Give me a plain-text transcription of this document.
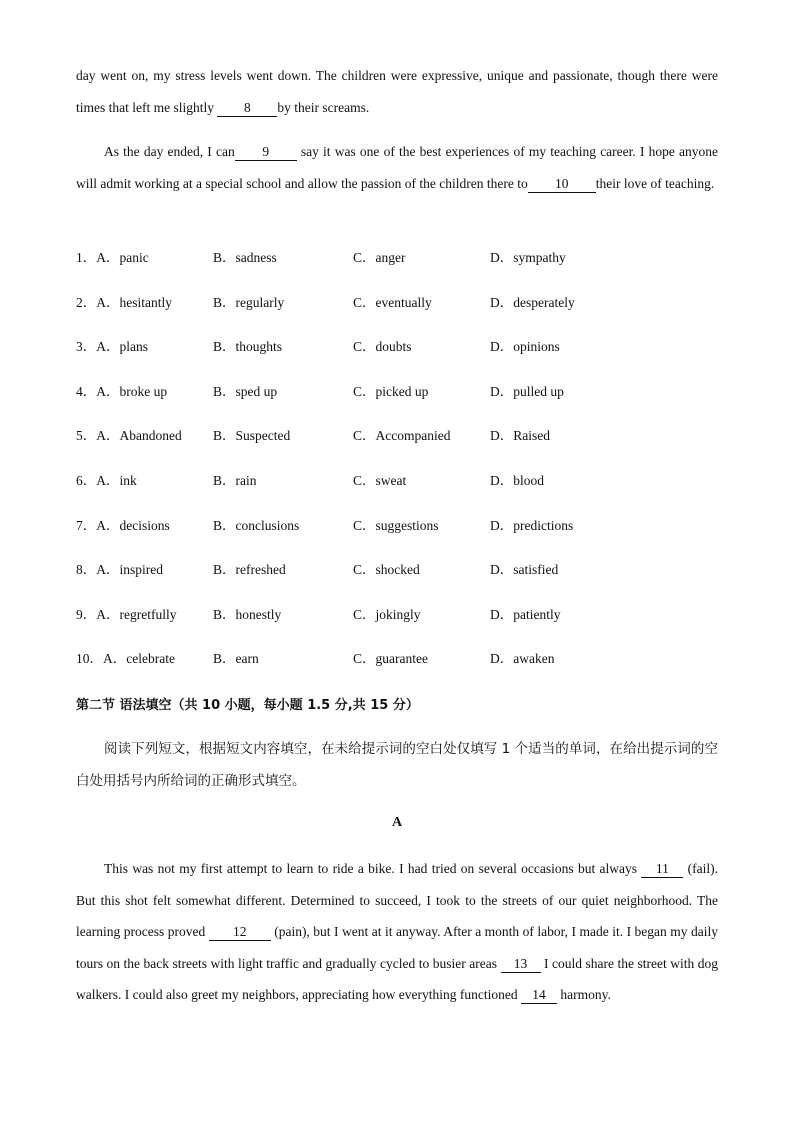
day went on, my stress levels went down. The children were expressive, unique and passionate, though there were times that left me slightly 8 by their screams.
As the day ended, I can 9 say it was one of the best experiences of my teaching career. I hope anyone will admit working at a special school and allow the passion of the children there to 10 their love of teaching.
1．A．panic	B．sadness	C．anger	D．sympathy
2．A．hesitantly	B．regularly	C．eventually	D．desperately
3．A．plans	B．thoughts	C．doubts	D．opinions
4．A．broke up	B．sped up	C．picked up	D．pulled up
5．A．Abandoned B．Suspected	C．Accompanied	D．Raised
6．A．ink	B．rain	C．sweat	D．blood
7．A．decisions	B．conclusions	C．suggestions	D．predictions
8．A．inspired	B．refreshed	C．shocked	D．satisfied
9．A．regretfully	B．honestly	C．jokingly	D．patiently
10．A．celebrate	B．earn	C．guarantee	D．awaken
第二节 语法填空（共 10 小题，每小题 1.5 分,共 15 分）
阅读下列短文，根据短文内容填空，在未给提示词的空白处仅填写 1 个适当的单词，在给出提示词的空白处用括号内所给词的正确形式填空。
A
This was not my first attempt to learn to ride a bike. I had tried on several occasions but always 11 (fail). But this shot felt somewhat different. Determined to succeed, I took to the streets of our quiet neighborhood. The learning process proved 12 (pain), but I went at it anyway. After a month of labor, I made it. I began my daily tours on the back streets with light traffic and gradually cycled to busier areas 13 I could share the street with dog walkers. I could also greet my neighbors, appreciating how everything functioned 14 harmony.
